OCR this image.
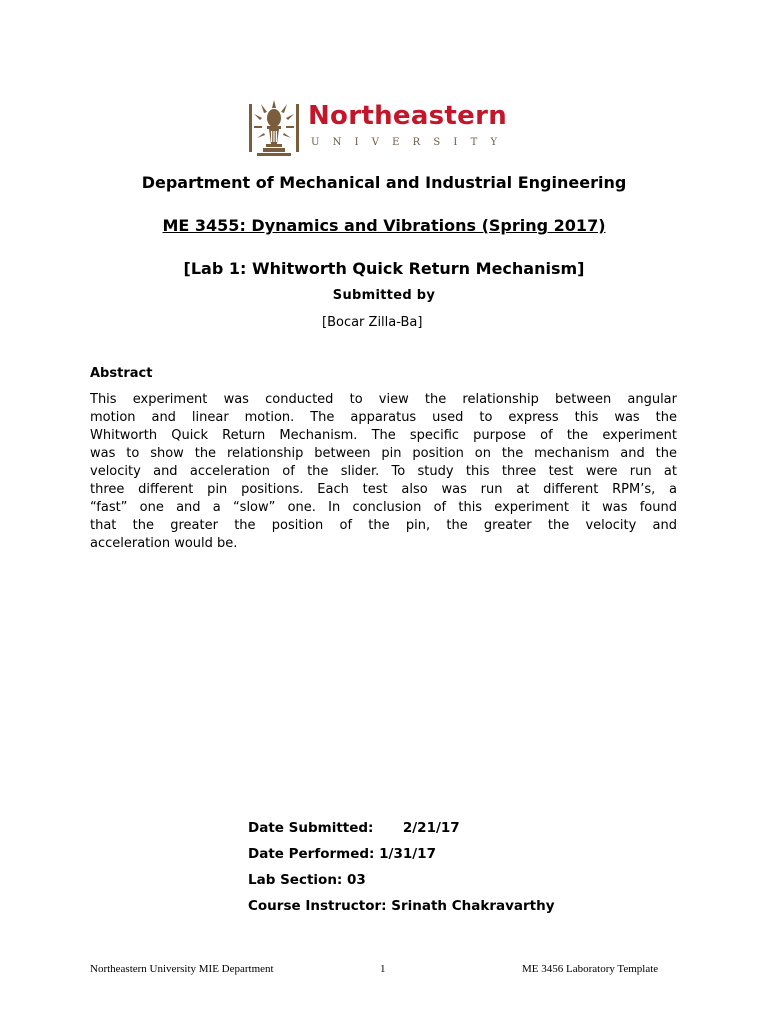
Northeastern
UNIVERSITY
Department of Mechanical and Industrial Engineering
ME 3455: Dynamics and Vibrations (Spring 2017)
[Lab 1: Whitworth Quick Return Mechanism]
Submitted by
[Bocar Zilla-Ba]
Abstract
This experiment was conducted to view the relationship between angular
motion and linear motion. The apparatus used to express this was the
Whitworth Quick Return Mechanism. The specific purpose of the experiment
was to show the relationship between pin position on the mechanism and the
velocity and acceleration of the slider. To study this three test were run at
three different pin positions. Each test also was run at different RPM’s, a
“fast” one and a “slow” one. In conclusion of this experiment it was found
that the greater the position of the pin, the greater the velocity and
acceleration would be.
Date Submitted: 2/21/17
Date Performed: 1/31/17
Lab Section: 03
Course Instructor: Srinath Chakravarthy
Northeastern University MIE Department	1	ME 3456 Laboratory Template
